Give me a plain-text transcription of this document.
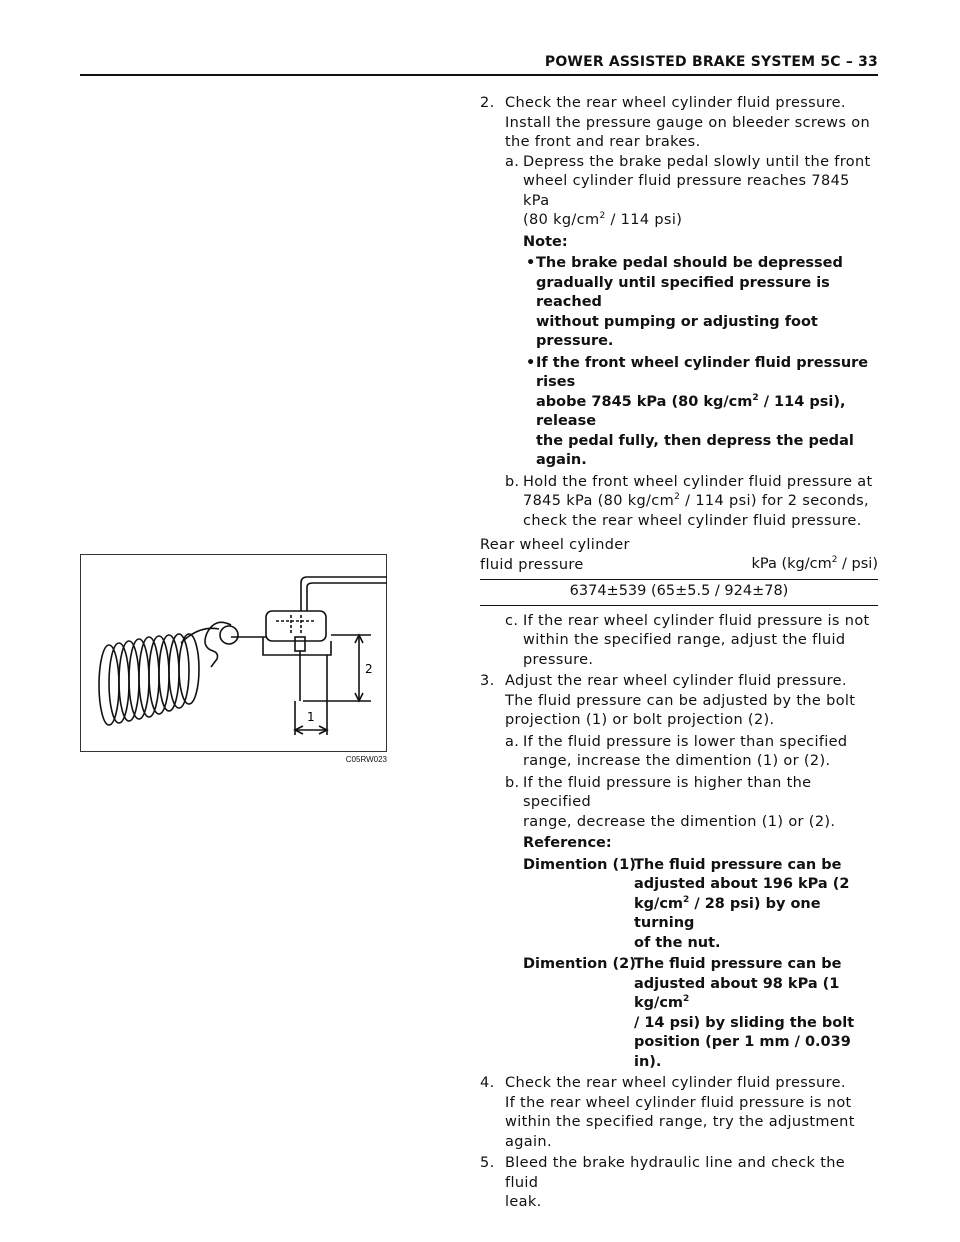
POWER ASSISTED BRAKE SYSTEM 5C – 33
2
1
C05RW023
2. Check the rear wheel cylinder fluid pressure.
Install the pressure gauge on bleeder screws on
the front and rear brakes.
a. Depress the brake pedal slowly until the front
wheel cylinder fluid pressure reaches 7845 kPa
(80 $kg/cm^2 / 114$ psi)
Note:
• The brake pedal should be depressed
gradually until specified pressure is reached
without pumping or adjusting foot pressure.
• If the front wheel cylinder fluid pressure rises
abobe 7845 kPa (80 $kg/cm^2 / 114$ psi), release
the pedal fully, then depress the pedal again.
b. Hold the front wheel cylinder fluid pressure at
7845 kPa (80 $kg/cm^2 / 114$ psi) for 2 seconds,
check the rear wheel cylinder fluid pressure.
Rear wheel cylinder
fluid pressure	kPa $(kg/cm^2 / psi)$
6374±539 (65±5.5 / 924±78)
c. If the rear wheel cylinder fluid pressure is not
within the specified range, adjust the fluid
pressure.
3. Adjust the rear wheel cylinder fluid pressure.
The fluid pressure can be adjusted by the bolt
projection (1) or bolt projection (2).
a. If the fluid pressure is lower than specified
range, increase the dimention (1) or (2).
b. If the fluid pressure is higher than the specified
range, decrease the dimention (1) or (2).
Reference:
Dimention (1):
The fluid pressure can be
adjusted about 196 kPa (2
$kg/cm^2 / 28$ psi) by one turning
of the nut.
Dimention (2):
The fluid pressure can be
adjusted about 98 kPa (1 $kg/cm^2$
/ 14 psi) by sliding the bolt
position (per 1 mm / 0.039 in).
4. Check the rear wheel cylinder fluid pressure.
If the rear wheel cylinder fluid pressure is not
within the specified range, try the adjustment
again.
5. Bleed the brake hydraulic line and check the fluid
leak.
